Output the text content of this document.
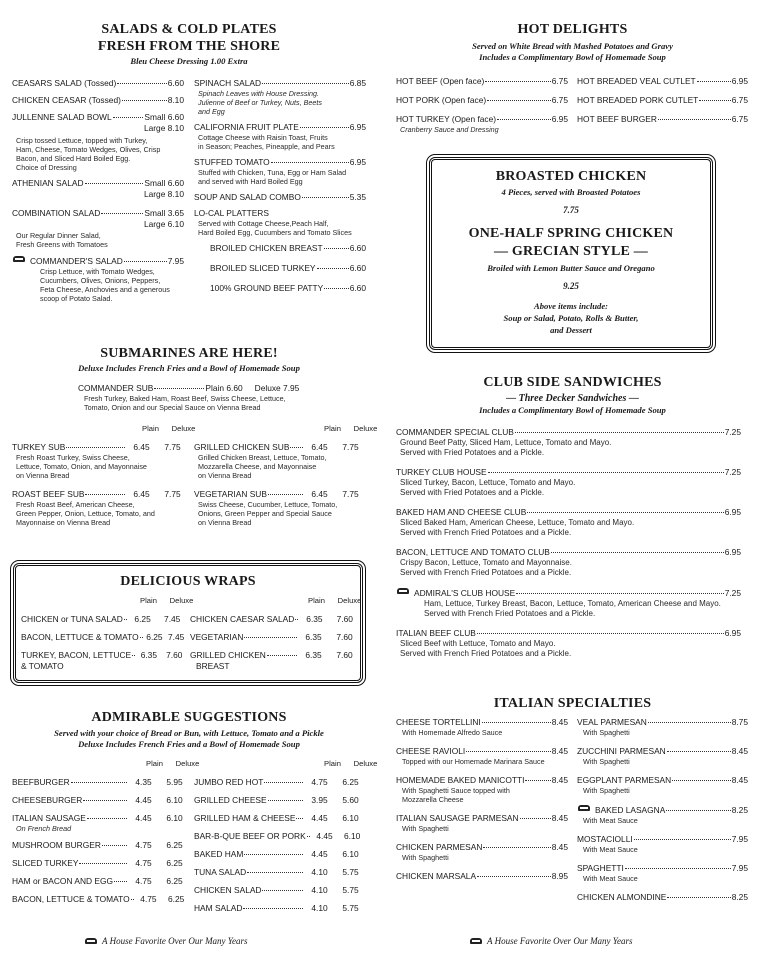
SALADS & COLD PLATES
FRESH FROM THE SHORE
Bleu Cheese Dressing 1.00 Extra
CEASARS SALAD (Tossed)	6.60
CHICKEN CEASAR (Tossed)	8.10
JULLENNE SALAD BOWL	Small 6.60
Large 8.10
Crisp tossed Lettuce, topped with Turkey,
Ham, Cheese, Tomato Wedges, Olives, Crisp
Bacon, and Sliced Hard Boiled Egg.
Choice of Dressing
ATHENIAN SALAD	Small 6.60
Large 8.10
COMBINATION SALAD	Small 3.65
Large 6.10
Our Regular Dinner Salad,
Fresh Greens with Tomatoes
COMMANDER'S SALAD	7.95
Crisp Lettuce, with Tomato Wedges,
Cucumbers, Olives, Onions, Peppers,
Feta Cheese, Anchovies and a generous
scoop of Potato Salad.
SPINACH SALAD	6.85
Spinach Leaves with House Dressing.
Julienne of Beef or Turkey, Nuts, Beets
and Egg
CALIFORNIA FRUIT PLATE	6.95
Cottage Cheese with Raisin Toast, Fruits
in Season; Peaches, Pineapple, and Pears
STUFFED TOMATO	6.95
Stuffed with Chicken, Tuna, Egg or Ham Salad
and served with Hard Boiled Egg
SOUP AND SALAD COMBO	5.35
LO-CAL PLATTERS
Served with Cottage Cheese,Peach Half,
Hard Boiled Egg, Cucumbers and Tomato Slices
BROILED CHICKEN BREAST	6.60
BROILED SLICED TURKEY	6.60
100% GROUND BEEF PATTY	6.60
SUBMARINES ARE HERE!
Deluxe Includes French Fries and a Bowl of Homemade Soup
COMMANDER SUB	Plain 6.60 Deluxe 7.95
Fresh Turkey, Baked Ham, Roast Beef, Swiss Cheese, Lettuce,
Tomato, Onion and our Special Sauce on Vienna Bread
Plain	Deluxe	Plain	Deluxe
TURKEY SUB	6.45	7.75
Fresh Roast Turkey, Swiss Cheese,
Lettuce, Tomato, Onion, and Mayonnaise
on Vienna Bread
ROAST BEEF SUB	6.45	7.75
Fresh Roast Beef, American Cheese,
Green Pepper, Onion, Lettuce, Tomato, and
Mayonnaise on Vienna Bread
GRILLED CHICKEN SUB	6.45	7.75
Grilled Chicken Breast, Lettuce, Tomato,
Mozzarella Cheese, and Mayonnaise
on Vienna Bread
VEGETARIAN SUB	6.45	7.75
Swiss Cheese, Cucumber, Lettuce, Tomato,
Onions, Green Pepper and Special Sauce
on Vienna Bread
DELICIOUS WRAPS
Plain	Deluxe	Plain	Deluxe
CHICKEN or TUNA SALAD	6.25	7.45
BACON, LETTUCE & TOMATO 6.25 7.45
TURKEY, BACON, LETTUCE	6.35	7.60
& TOMATO
CHICKEN CAESAR SALAD	6.35	7.60
VEGETARIAN	6.35	7.60
GRILLED CHICKEN	6.35	7.60
BREAST
ADMIRABLE SUGGESTIONS
Served with your choice of Bread or Bun, with Lettuce, Tomato and a Pickle
Deluxe Includes French Fries and a Bowl of Homemade Soup
Plain	Deluxe	Plain	Deluxe
BEEFBURGER	4.35	5.95
CHEESEBURGER	4.45	6.10
ITALIAN SAUSAGE	4.45	6.10
On French Bread
MUSHROOM BURGER	4.75	6.25
SLICED TURKEY	4.75	6.25
HAM or BACON AND EGG	4.75	6.25
BACON, LETTUCE & TOMATO	4.75	6.25
JUMBO RED HOT	4.75	6.25
GRILLED CHEESE	3.95	5.60
GRILLED HAM & CHEESE	4.45	6.10
BAR-B-QUE BEEF OR PORK	4.45	6.10
BAKED HAM	4.45	6.10
TUNA SALAD	4.10	5.75
CHICKEN SALAD	4.10	5.75
HAM SALAD	4.10	5.75
A House Favorite Over Our Many Years
HOT DELIGHTS
Served on White Bread with Mashed Potatoes and Gravy
Includes a Complimentary Bowl of Homemade Soup
HOT BEEF (Open face)	6.75
HOT PORK (Open face)	6.75
HOT TURKEY (Open face)	6.95
Cranberry Sauce and Dressing
HOT BREADED VEAL CUTLET	6.95
HOT BREADED PORK CUTLET	6.75
HOT BEEF BURGER	6.75
BROASTED CHICKEN
4 Pieces, served with Broasted Potatoes
7.75
ONE-HALF SPRING CHICKEN
— GRECIAN STYLE —
Broiled with Lemon Butter Sauce and Oregano
9.25
Above items include:
Soup or Salad, Potato, Rolls & Butter,
and Dessert
CLUB SIDE SANDWICHES
— Three Decker Sandwiches —
Includes a Complimentary Bowl of Homemade Soup
COMMANDER SPECIAL CLUB	7.25
Ground Beef Patty, Sliced Ham, Lettuce, Tomato and Mayo.
Served with Fried Potatoes and a Pickle.
TURKEY CLUB HOUSE	7.25
Sliced Turkey, Bacon, Lettuce, Tomato and Mayo.
Served with Fried Potatoes and a Pickle.
BAKED HAM AND CHEESE CLUB	6.95
Sliced Baked Ham, American Cheese, Lettuce, Tomato and Mayo.
Served with French Fried Potatoes and a Pickle.
BACON, LETTUCE AND TOMATO CLUB	6.95
Crispy Bacon, Lettuce, Tomato and Mayonnaise.
Served with French Fried Potatoes and a Pickle.
ADMIRAL'S CLUB HOUSE	7.25
Ham, Lettuce, Turkey Breast, Bacon, Lettuce, Tomato, American Cheese and Mayo.
Served with French Fried Potatoes and a Pickle.
ITALIAN BEEF CLUB	6.95
Sliced Beef with Lettuce, Tomato and Mayo.
Served with French Fried Potatoes and a Pickle.
ITALIAN SPECIALTIES
CHEESE TORTELLINI	8.45
With Homemade Alfredo Sauce
CHEESE RAVIOLI	8.45
Topped with our Homemade Marinara Sauce
HOMEMADE BAKED MANICOTTI	8.45
With Spaghetti Sauce topped with
Mozzarella Cheese
ITALIAN SAUSAGE PARMESAN	8.45
With Spaghetti
CHICKEN PARMESAN	8.45
With Spaghetti
CHICKEN MARSALA	8.95
VEAL PARMESAN	8.75
With Spaghetti
ZUCCHINI PARMESAN	8.45
With Spaghetti
EGGPLANT PARMESAN	8.45
With Spaghetti
BAKED LASAGNA	8.25
With Meat Sauce
MOSTACIOLLI	7.95
With Meat Sauce
SPAGHETTI	7.95
With Meat Sauce
CHICKEN ALMONDINE	8.25
A House Favorite Over Our Many Years
